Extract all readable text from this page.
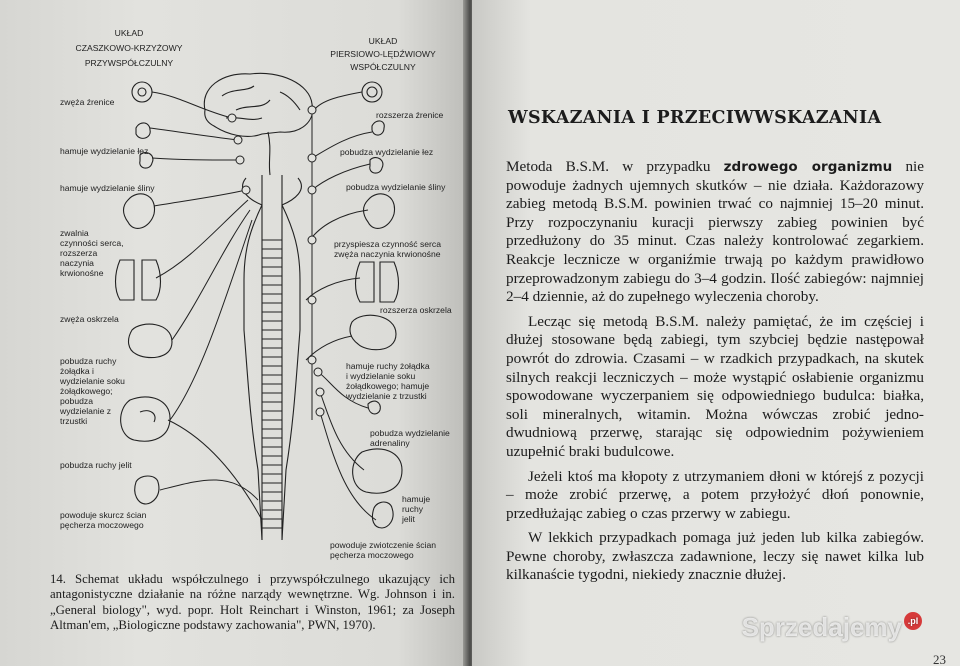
UKŁAD
CZASZKOWO-KRZYŻOWY
PRZYWSPÓŁCZULNY
UKŁAD
PIERSIOWO-LĘDŹWIOWY
WSPÓŁCZULNY
zwęża źrenice
hamuje wydzielanie łez
hamuje wydzielanie śliny
zwalnia
czynności serca,
rozszerza
naczynia
krwionośne
zwęża oskrzela
pobudza ruchy
żołądka i
wydzielanie soku
żołądkowego;
pobudza
wydzielanie z
trzustki
pobudza ruchy jelit
powoduje skurcz ścian
pęcherza moczowego
rozszerza źrenice
pobudza wydzielanie łez
pobudza wydzielanie śliny
przyspiesza czynność serca
zwęża naczynia krwionośne
rozszerza oskrzela
hamuje ruchy żołądka
i wydzielanie soku
żołądkowego; hamuje
wydzielanie z trzustki
pobudza wydzielanie
adrenaliny
hamuje
ruchy
jelit
powoduje zwiotczenie ścian
pęcherza moczowego

14. Schemat układu współczulnego i przywspółczulnego ukazujący ich antagonistyczne działanie na różne narządy wewnętrzne. Wg. Johnson i in. „General biology", wyd. popr. Holt Reinchart i Winston, 1961; za Joseph Altman'em, „Biologiczne podstawy zachowania", PWN, 1970).

WSKAZANIA I PRZECIWWSKAZANIA

Metoda B.S.M. w przypadku zdrowego organizmu nie powoduje żadnych ujemnych skutków – nie działa. Każdorazowy zabieg metodą B.S.M. powinien trwać co najmniej 15–20 minut. Przy rozpoczynaniu kuracji pierwszy zabieg powinien być przedłużony do 35 minut. Czas należy kontrolować zegarkiem. Reakcje lecznicze w organiźmie trwają po każdym prawidłowo przeprowadzonym zabiegu do 3–4 godzin. Ilość zabiegów: najmniej 2–4 dziennie, aż do zupełnego wyleczenia choroby.

Lecząc się metodą B.S.M. należy pamiętać, że im częściej i dłużej stosowane będą zabiegi, tym szybciej będzie następował powrót do zdrowia. Czasami – w rzadkich przypadkach, na skutek silnych reakcji leczniczych – może wystąpić osłabienie organizmu spowodowane wyczerpaniem się odpowiedniego budulca: białka, soli mineralnych, witamin. Można wówczas zrobić jedno-dwudniową przerwę, starając się odpowiednim pożywieniem uzupełnić braki budulcowe.

Jeżeli ktoś ma kłopoty z utrzymaniem dłoni w którejś z pozycji – może zrobić przerwę, a potem przyłożyć dłoń ponownie, przedłużając zabieg o czas przerwy w zabiegu.

W lekkich przypadkach pomaga już jeden lub kilka zabiegów. Pewne choroby, zwłaszcza zadawnione, leczy się nawet kilka lub kilkanaście tygodni, niekiedy znacznie dłużej.

23
Sprzedajemy .pl
